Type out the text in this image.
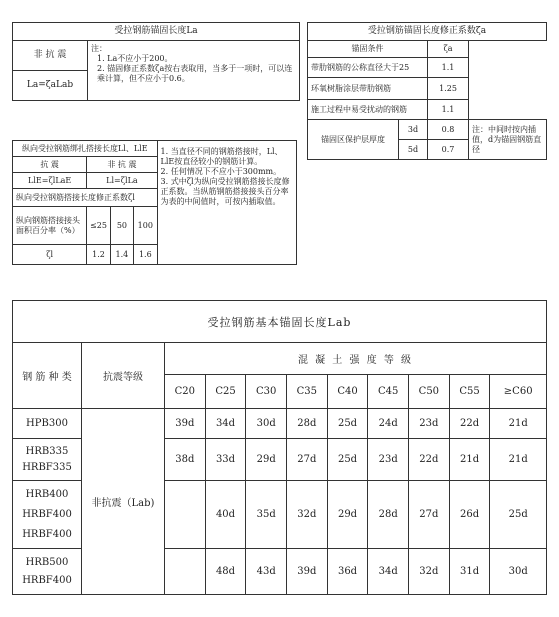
受拉钢筋锚固长度La
非 抗 震	
注：
1. La不应小于200。
2. 锚固修正系数ζa按右表取用，当多于一项时，可以连乘计算，但不应小于0.6。

La=ζaLab
受拉钢筋锚固长度修正系数ζa			
锚固条件		ζa	
带肋钢筋的公称直径大于25		1.1	
环氧树脂涂层带肋钢筋		1.25	
施工过程中易受扰动的钢筋		1.1	
锚固区保护层厚度	3d	0.8	注：中间时按内插值，d为锚固钢筋直径
	5d	0.7	
纵向受拉钢筋绑扎搭接长度Ll、LlE				1. 当直径不同的钢筋搭接时，Ll、LlE按直径较小的钢筋计算。
2. 任何情况下不应小于300mm。
3. 式中ζl为纵向受拉钢筋搭接长度修正系数。当纵筋钢筋搭接接头百分率为表的中间值时，可按内插取值。

抗 震	非 抗 震			
LlE=ζlLaE	Ll=ζlLa			
纵向受拉钢筋搭接长度修正系数ζl				
纵向钢筋搭接接头面积百分率（%）	≤25	50	100	
ζl	1.2	1.4	1.6	
受拉钢筋基本锚固长度Lab										
钢 筋 种 类	抗震等级	混 凝 土 强 度 等 级								
		C20	C25	C30	C35	C40	C45	C50	C55	≥C60
HPB300	非抗震（Lab)	39d	34d	30d	28d	25d	24d	23d	22d	21d

HRB335
HRBF335		38d	33d	29d	27d	25d	23d	22d	21d	21d

HRB400
HRBF400
HRBF400			40d	35d	32d	29d	28d	27d	26d	25d

HRB500
HRBF400			48d	43d	39d	36d	34d	32d	31d	30d
